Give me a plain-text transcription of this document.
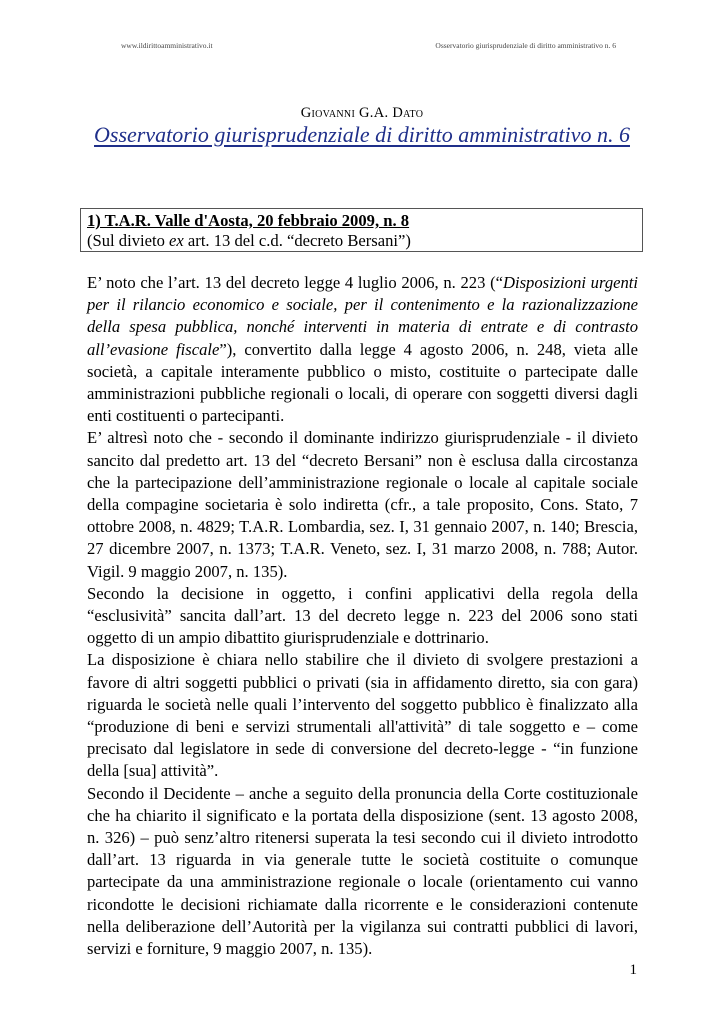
www.ildirittoamministrativo.it	Osservatorio giurisprudenziale di diritto amministrativo n. 6
Giovanni G.A. Dato
Osservatorio giurisprudenziale di diritto amministrativo n. 6
1) T.A.R. Valle d'Aosta, 20 febbraio 2009, n. 8
(Sul divieto ex art. 13 del c.d. “decreto Bersani”)

E’ noto che l’art. 13 del decreto legge 4 luglio 2006, n. 223 (“Disposizioni urgenti per il rilancio economico e sociale, per il contenimento e la razionalizzazione della spesa pubblica, nonché interventi in materia di entrate e di contrasto all’evasione fiscale”), convertito dalla legge 4 agosto 2006, n. 248, vieta alle società, a capitale interamente pubblico o misto, costituite o partecipate dalle amministrazioni pubbliche regionali o locali, di operare con soggetti diversi dagli enti costituenti o partecipanti.

E’ altresì noto che - secondo il dominante indirizzo giurisprudenziale - il divieto sancito dal predetto art. 13 del “decreto Bersani” non è esclusa dalla circostanza che la partecipazione dell’amministrazione regionale o locale al capitale sociale della compagine societaria è solo indiretta (cfr., a tale proposito, Cons. Stato, 7 ottobre 2008, n. 4829; T.A.R. Lombardia, sez. I, 31 gennaio 2007, n. 140; Brescia, 27 dicembre 2007, n. 1373; T.A.R. Veneto, sez. I, 31 marzo 2008, n. 788; Autor. Vigil. 9 maggio 2007, n. 135).

Secondo la decisione in oggetto, i confini applicativi della regola della “esclusività” sancita dall’art. 13 del decreto legge n. 223 del 2006 sono stati oggetto di un ampio dibattito giurisprudenziale e dottrinario.

La disposizione è chiara nello stabilire che il divieto di svolgere prestazioni a favore di altri soggetti pubblici o privati (sia in affidamento diretto, sia con gara) riguarda le società nelle quali l’intervento del soggetto pubblico è finalizzato alla “produzione di beni e servizi strumentali all'attività” di tale soggetto e – come precisato dal legislatore in sede di conversione del decreto-legge - “in funzione della [sua] attività”.

Secondo il Decidente – anche a seguito della pronuncia della Corte costituzionale che ha chiarito il significato e la portata della disposizione (sent. 13 agosto 2008, n. 326) – può senz’altro ritenersi superata la tesi secondo cui il divieto introdotto dall’art. 13 riguarda in via generale tutte le società costituite o comunque partecipate da una amministrazione regionale o locale (orientamento cui vanno ricondotte le decisioni richiamate dalla ricorrente e le considerazioni contenute nella deliberazione dell’Autorità per la vigilanza sui contratti pubblici di lavori, servizi e forniture, 9 maggio 2007, n. 135).

1
